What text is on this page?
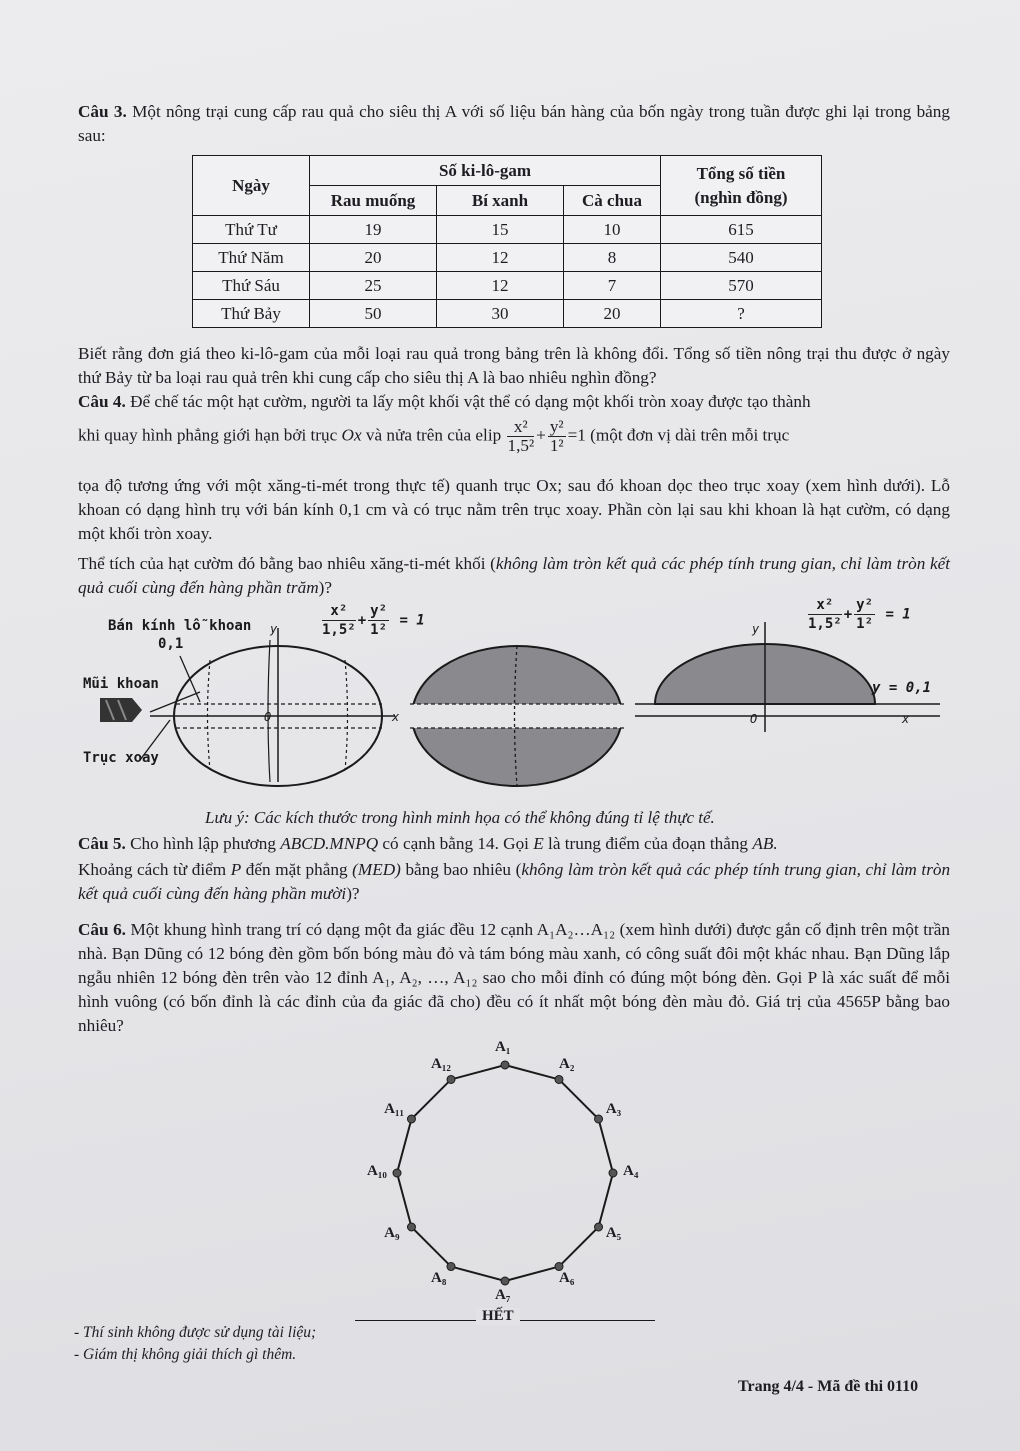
Câu 3. Một nông trại cung cấp rau quả cho siêu thị A với số liệu bán hàng của bốn ngày trong tuần được ghi lại trong bảng sau:
Ngày	Số ki-lô-gam			Tổng số tiền
(nghìn đồng)

	Rau muống	Bí xanh	Cà chua	
Thứ Tư	19	15	10	615
Thứ Năm	20	12	8	540
Thứ Sáu	25	12	7	570
Thứ Bảy	50	30	20	?
Biết rằng đơn giá theo ki-lô-gam của mỗi loại rau quả trong bảng trên là không đổi. Tổng số tiền nông trại thu được ở ngày thứ Bảy từ ba loại rau quả trên khi cung cấp cho siêu thị A là bao nhiêu nghìn đồng?
Câu 4. Để chế tác một hạt cườm, người ta lấy một khối vật thể có dạng một khối tròn xoay được tạo thành
khi quay hình phẳng giới hạn bởi trục Ox và nửa trên của elip $\frac{\text{x²}}{\text{1,5²}} + \frac{\text{y²}}{\text{1²}} =1$ (một đơn vị dài trên mỗi trục
tọa độ tương ứng với một xăng-ti-mét trong thực tế) quanh trục Ox; sau đó khoan dọc theo trục xoay (xem hình dưới). Lỗ khoan có dạng hình trụ với bán kính 0,1 cm và có trục nằm trên trục xoay. Phần còn lại sau khi khoan là hạt cườm, có dạng một khối tròn xoay.
Thể tích của hạt cườm đó bằng bao nhiêu xăng-ti-mét khối (không làm tròn kết quả các phép tính trung gian, chỉ làm tròn kết quả cuối cùng đến hàng phần trăm)?
Bán kính lỗ khoan
0,1
Mũi khoan
Trục xoay
y
O	x
$\frac{\text{x²}}{\text{1,5²}} + \frac{\text{y²}}{\text{1²}} = 1$	$\frac{\text{x²}}{\text{1,5²}} + \frac{\text{y²}}{\text{1²}} = 1$
y
y = 0,1
O	x
Lưu ý: Các kích thước trong hình minh họa có thể không đúng tỉ lệ thực tế.
Câu 5. Cho hình lập phương ABCD.MNPQ có cạnh bằng 14. Gọi E là trung điểm của đoạn thẳng AB.
Khoảng cách từ điểm P đến mặt phẳng (MED) bằng bao nhiêu (không làm tròn kết quả các phép tính trung gian, chỉ làm tròn kết quả cuối cùng đến hàng phần mười)?
Câu 6. Một khung hình trang trí có dạng một đa giác đều 12 cạnh A₁A₂…A₁₂ (xem hình dưới) được gắn cố định trên một trần nhà. Bạn Dũng có 12 bóng đèn gồm bốn bóng màu đỏ và tám bóng màu xanh, có công suất đôi một khác nhau. Bạn Dũng lắp ngẫu nhiên 12 bóng đèn trên vào 12 đỉnh A₁, A₂, …, A₁₂ sao cho mỗi đỉnh có đúng một bóng đèn. Gọi P là xác suất để mỗi hình vuông (có bốn đỉnh là các đỉnh của đa giác đã cho) đều có ít nhất một bóng đèn màu đỏ. Giá trị của 4565P bằng bao nhiêu?
A₁
A₂
A₃
A₄
A₅
A₆
A₇
A₈
A₉
A₁₀
A₁₁
A₁₂
HẾT
- Thí sinh không được sử dụng tài liệu;
- Giám thị không giải thích gì thêm.
Trang 4/4 - Mã đề thi 0110
